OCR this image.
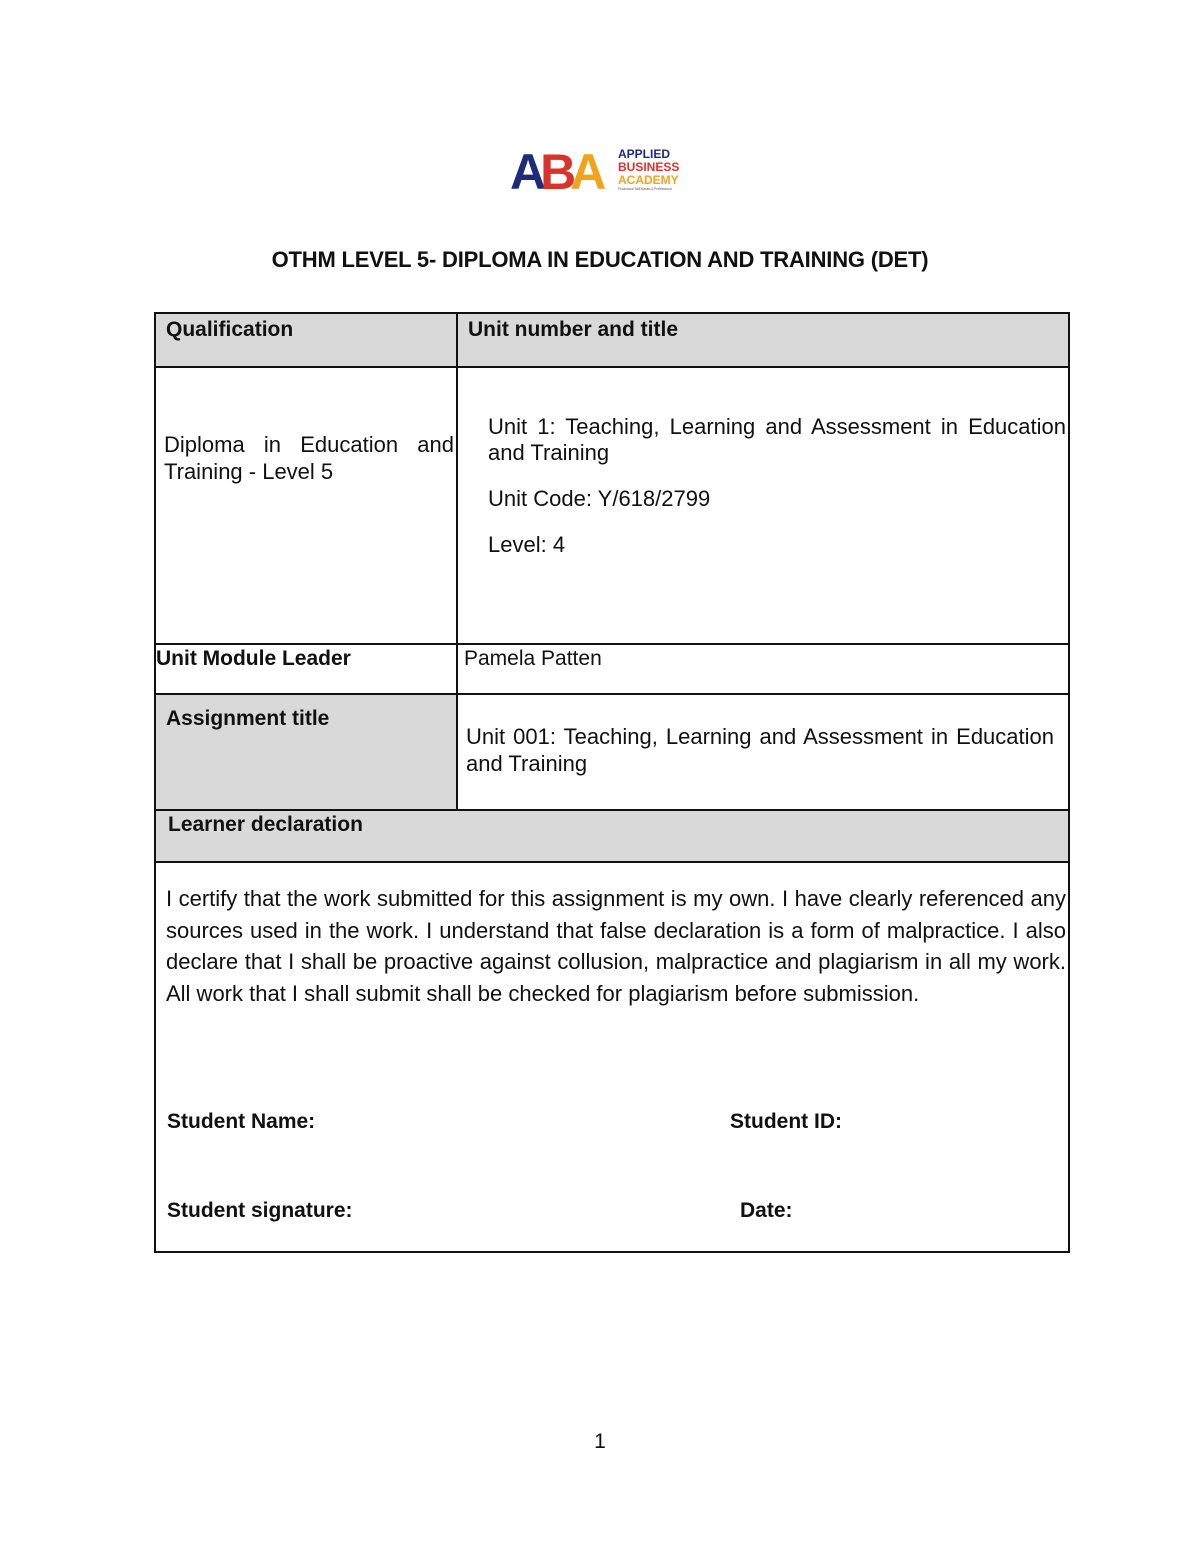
ABA	APPLIED
BUSINESS
ACADEMY
Provisional Skill Based & Professional
OTHM LEVEL 5- DIPLOMA IN EDUCATION AND TRAINING (DET)
Qualification	Unit number and title
Diploma in Education and Training - Level 5	Unit 1: Teaching, Learning and Assessment in Education and Training

Unit Code: Y/618/2799

Level: 4

Unit Module Leader	Pamela Patten
Assignment title	Unit 001: Teaching, Learning and Assessment in Education and Training
Learner declaration	

I certify that the work submitted for this assignment is my own. I have clearly referenced any sources used in the work. I understand that false declaration is a form of malpractice. I also declare that I shall be proactive against collusion, malpractice and plagiarism in all my work. All work that I shall submit shall be checked for plagiarism before submission.
Student Name: Student ID:
Student signature: Date:	
1
